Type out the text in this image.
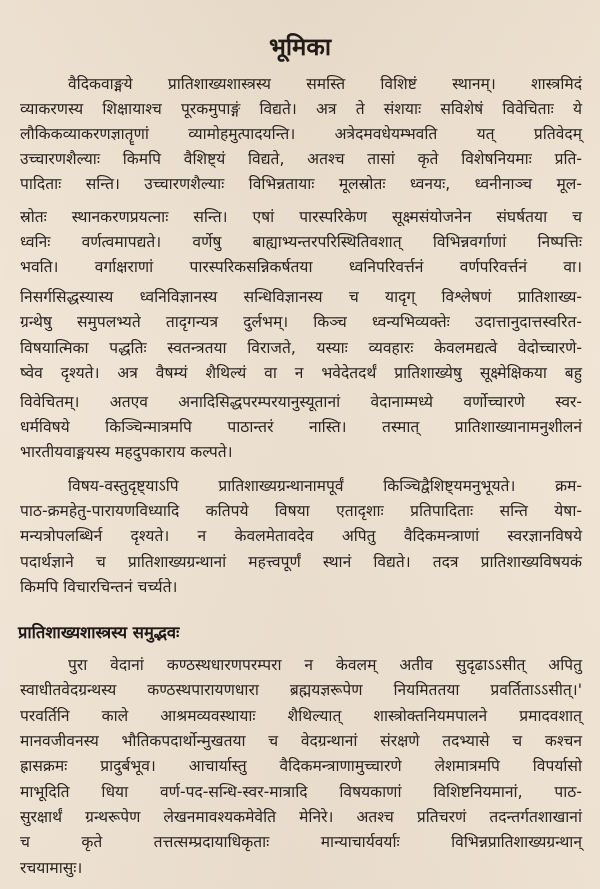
भूमिका
वैदिकवाङ्मये प्रातिशाख्यशास्त्रस्य समस्ति विशिष्टं स्थानम्। शास्त्रमिदं
व्याकरणस्य शिक्षायाश्च पूरकमुपाङ्गं विद्यते। अत्र ते संशयाः सविशेषं विवेचिताः ये
लौकिकव्याकरणज्ञातॄणां व्यामोहमुत्पादयन्ति। अत्रेदमवधेयम्भवति यत् प्रतिवेदम्
उच्चारणशैल्याः किमपि वैशिष्ट्यं विद्यते, अतश्च तासां कृते विशेषनियमाः प्रति-
पादिताः सन्ति। उच्चारणशैल्याः विभिन्नतायाः मूलस्रोतः ध्वनयः, ध्वनीनाञ्च मूल-
स्रोतः स्थानकरणप्रयत्नाः सन्ति। एषां पारस्परिकेण सूक्ष्मसंयोजनेन संघर्षतया च
ध्वनिः वर्णत्वमापद्यते। वर्णेषु बाह्याभ्यन्तरपरिस्थितिवशात् विभिन्नवर्गाणां निष्पत्तिः
भवति। वर्गाक्षराणां पारस्परिकसन्निकर्षतया ध्वनिपरिवर्त्तनं वर्णपरिवर्त्तनं वा।
निसर्गसिद्धस्यास्य ध्वनिविज्ञानस्य सन्धिविज्ञानस्य च यादृग् विश्लेषणं प्रातिशाख्य-
ग्रन्थेषु समुपलभ्यते तादृगन्यत्र दुर्लभम्। किञ्च ध्वन्यभिव्यक्तेः उदात्तानुदात्तस्वरित-
विषयात्मिका पद्धतिः स्वतन्त्रतया विराजते, यस्याः व्यवहारः केवलमद्यत्वे वेदोच्चारणे-
ष्वेव दृश्यते। अत्र वैषम्यं शैथिल्यं वा न भवेदेतदर्थं प्रातिशाख्येषु सूक्ष्मेक्षिकया बहु
विवेचितम्। अतएव अनादिसिद्धपरम्परयानुस्यूतानां वेदानाम्मध्ये वर्णोच्चारणे स्वर-
धर्मविषये किञ्चिन्मात्रमपि पाठान्तरं नास्ति। तस्मात् प्रातिशाख्यानामनुशीलनं
भारतीयवाङ्मयस्य महदुपकाराय कल्पते।
विषय-वस्तुदृष्ट्याऽपि प्रातिशाख्यग्रन्थानामपूर्वं किञ्चिद्वैशिष्ट्यमनुभूयते। क्रम-
पाठ-क्रमहेतु-पारायणविध्यादि कतिपये विषया एतादृशाः प्रतिपादिताः सन्ति येषा-
मन्यत्रोपलब्धिर्न दृश्यते। न केवलमेतावदेव अपितु वैदिकमन्त्राणां स्वरज्ञानविषये
पदार्थज्ञाने च प्रातिशाख्यग्रन्थानां महत्त्वपूर्णं स्थानं विद्यते। तदत्र प्रातिशाख्यविषयकं
किमपि विचारचिन्तनं चर्च्यते।
प्रातिशाख्यशास्त्रस्य समुद्भवः
पुरा वेदानां कण्ठस्थधारणपरम्परा न केवलम् अतीव सुदृढाऽऽसीत् अपितु
स्वाधीतवेदग्रन्थस्य कण्ठस्थपारायणधारा ब्रह्मयज्ञरूपेण नियमिततया प्रवर्तिताऽऽसीत्।'
परवर्तिनि काले आश्रमव्यवस्थायाः शैथिल्यात् शास्त्रोक्तनियमपालने प्रमादवशात्
मानवजीवनस्य भौतिकपदार्थोन्मुखतया च वेदग्रन्थानां संरक्षणे तदभ्यासे च कश्चन
ह्रासक्रमः प्रादुर्बभूव। आचार्यास्तु वैदिकमन्त्राणामुच्चारणे लेशमात्रमपि विपर्यासो
माभूदिति धिया वर्ण-पद-सन्धि-स्वर-मात्रादि विषयकाणां विशिष्टनियमानां, पाठ-
सुरक्षार्थं ग्रन्थरूपेण लेखनमावश्यकमेवेति मेनिरे। अतश्च प्रतिचरणं तदन्तर्गतशाखानां
च कृते तत्तत्सम्प्रदायाधिकृताः मान्याचार्यवर्याः विभिन्नप्रातिशाख्यग्रन्थान्
रचयामासुः।
